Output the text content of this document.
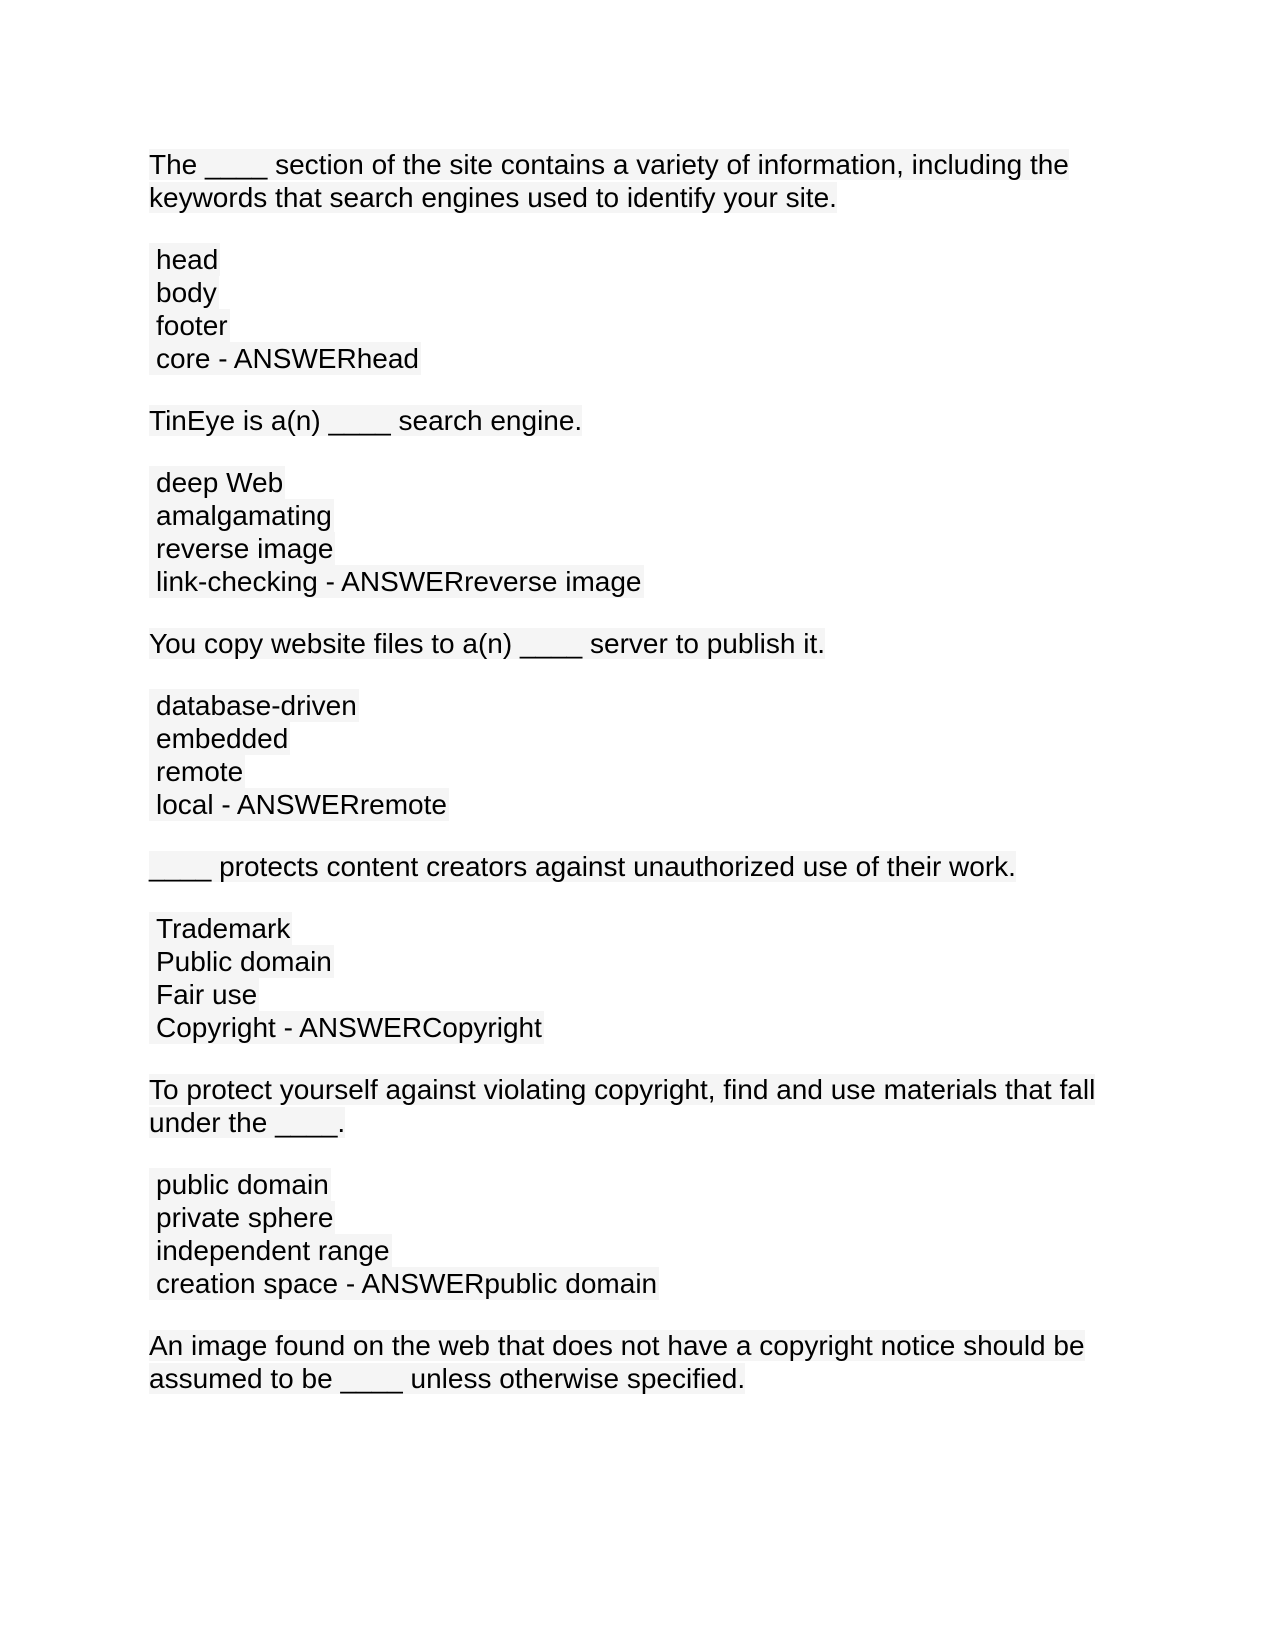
The ____ section of the site contains a variety of information, including the keywords that search engines used to identify your site.

head
body
footer
core - ANSWERhead

TinEye is a(n) ____ search engine.

deep Web
amalgamating
reverse image
link-checking - ANSWERreverse image

You copy website files to a(n) ____ server to publish it.

database-driven
embedded
remote
local - ANSWERremote

____ protects content creators against unauthorized use of their work.

Trademark
Public domain
Fair use
Copyright - ANSWERCopyright

To protect yourself against violating copyright, find and use materials that fall under the ____.

public domain
private sphere
independent range
creation space - ANSWERpublic domain

An image found on the web that does not have a copyright notice should be assumed to be ____ unless otherwise specified.
